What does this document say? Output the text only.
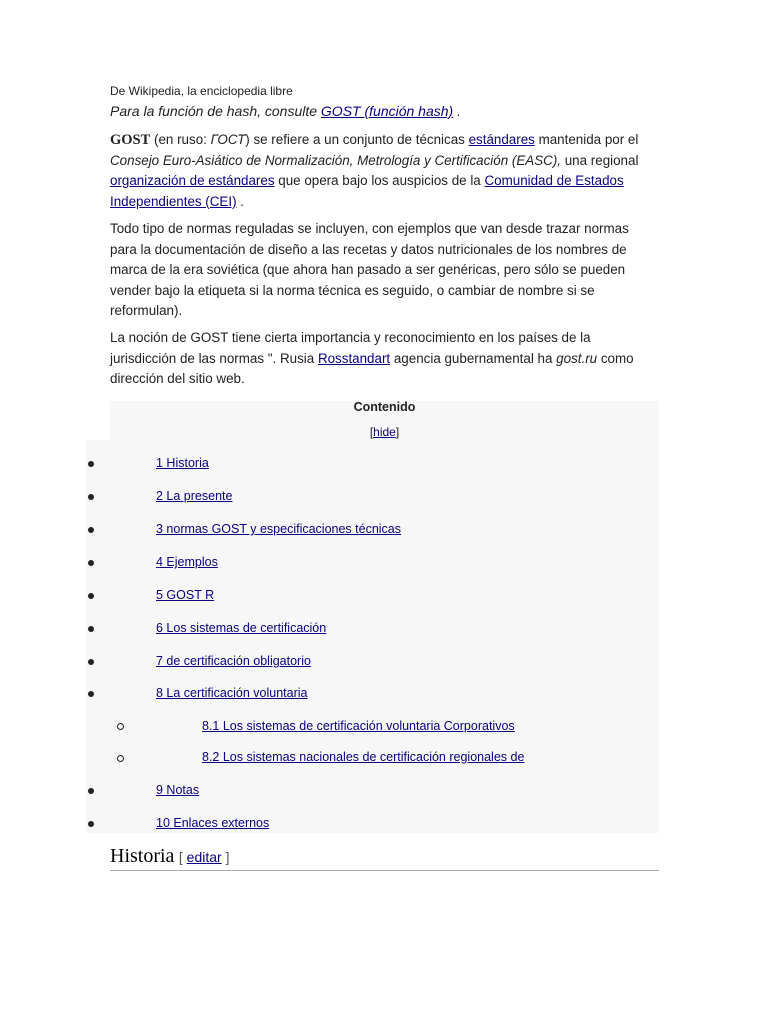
De Wikipedia, la enciclopedia libre
Para la función de hash, consulte GOST (función hash) .
GOST (en ruso: ГОСТ) se refiere a un conjunto de técnicas estándares mantenida por el Consejo Euro-Asiático de Normalización, Metrología y Certificación (EASC), una regional organización de estándares que opera bajo los auspicios de la Comunidad de Estados Independientes (CEI) .
Todo tipo de normas reguladas se incluyen, con ejemplos que van desde trazar normas para la documentación de diseño a las recetas y datos nutricionales de los nombres de marca de la era soviética (que ahora han pasado a ser genéricas, pero sólo se pueden vender bajo la etiqueta si la norma técnica es seguido, o cambiar de nombre si se reformulan).
La noción de GOST tiene cierta importancia y reconocimiento en los países de la jurisdicción de las normas ". Rusia Rosstandart agencia gubernamental ha gost.ru como dirección del sitio web.
Contenido
[hide]
1 Historia
2 La presente
3 normas GOST y especificaciones técnicas
4 Ejemplos
5 GOST R
6 Los sistemas de certificación
7 de certificación obligatorio
8 La certificación voluntaria
8.1 Los sistemas de certificación voluntaria Corporativos
8.2 Los sistemas nacionales de certificación regionales de
9 Notas
10 Enlaces externos
Historia [ editar ]
